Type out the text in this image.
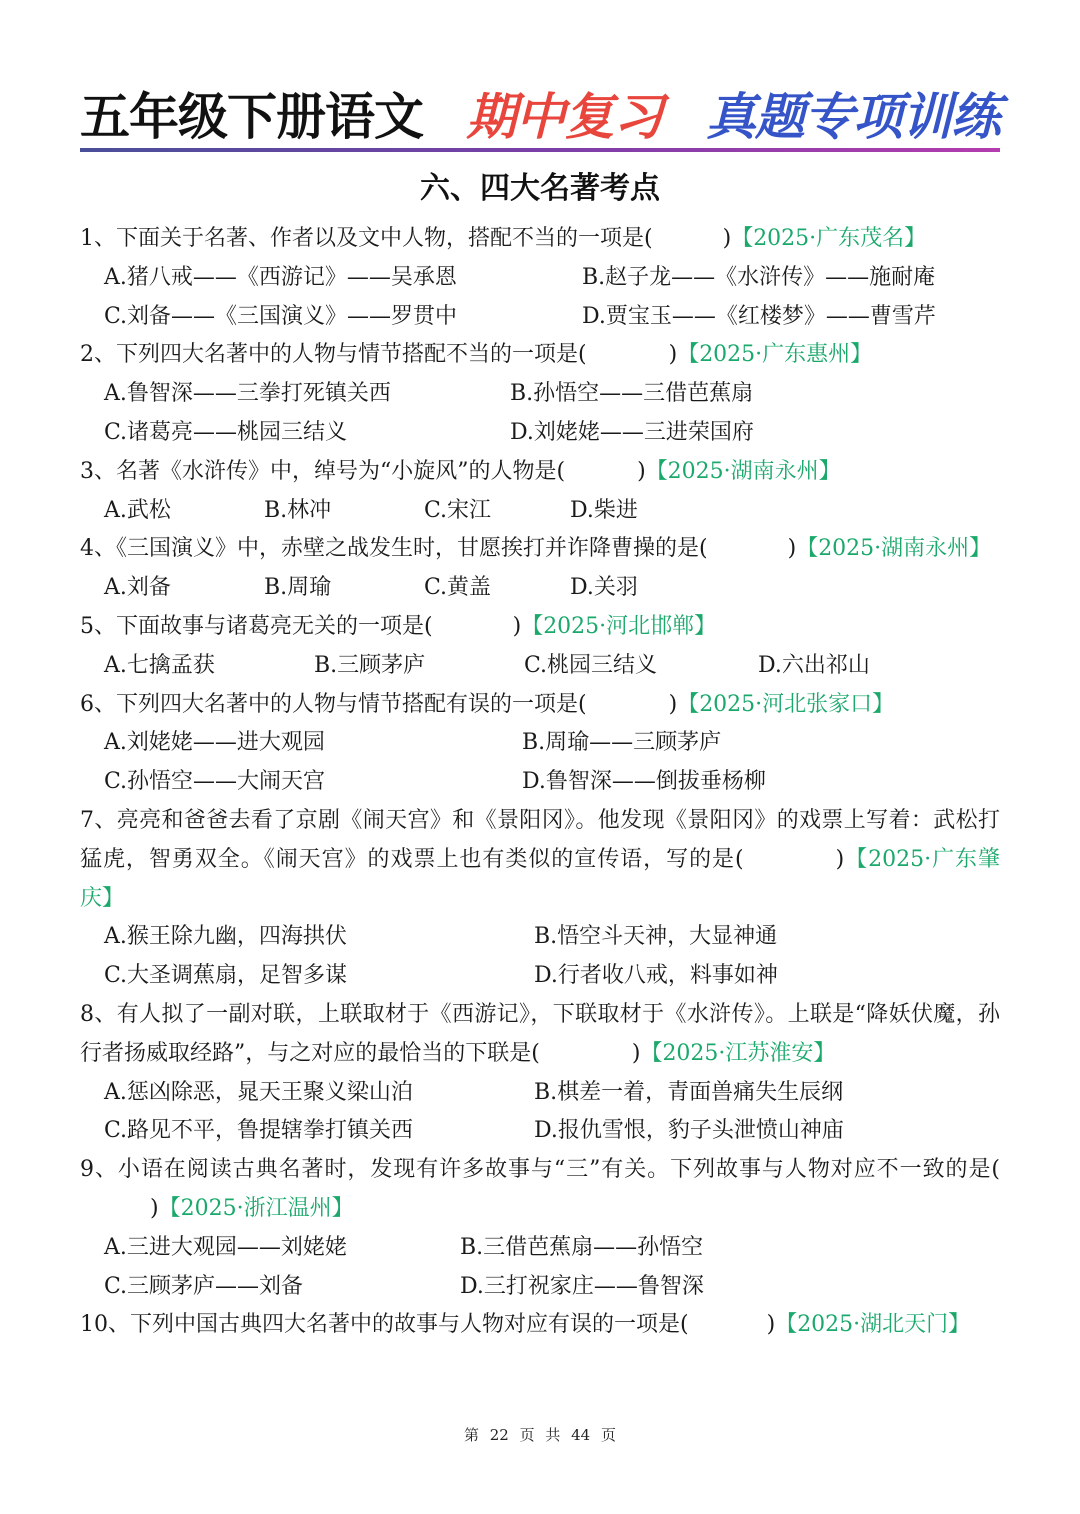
五年级下册语文 期中复习 真题专项训练
六、四大名著考点
1、下面关于名著、作者以及文中人物，搭配不当的一项是(	)【2025·广东茂名】
A.猪八戒——《西游记》——吴承恩	B.赵子龙——《水浒传》——施耐庵
C.刘备——《三国演义》——罗贯中	D.贾宝玉——《红楼梦》——曹雪芹
2、下列四大名著中的人物与情节搭配不当的一项是(	)【2025·广东惠州】
A.鲁智深——三拳打死镇关西	B.孙悟空——三借芭蕉扇
C.诸葛亮——桃园三结义	D.刘姥姥——三进荣国府
3、名著《水浒传》中，绰号为“小旋风”的人物是(	)【2025·湖南永州】
A.武松	B.林冲	C.宋江	D.柴进
4、《三国演义》中，赤壁之战发生时，甘愿挨打并诈降曹操的是(	)【2025·湖南永州】
A.刘备	B.周瑜	C.黄盖	D.关羽
5、下面故事与诸葛亮无关的一项是(	)【2025·河北邯郸】
A.七擒孟获	B.三顾茅庐	C.桃园三结义	D.六出祁山
6、下列四大名著中的人物与情节搭配有误的一项是(	)【2025·河北张家口】
A.刘姥姥——进大观园	B.周瑜——三顾茅庐
C.孙悟空——大闹天宫	D.鲁智深——倒拔垂杨柳
7、亮亮和爸爸去看了京剧《闹天宫》和《景阳冈》。他发现《景阳冈》的戏票上写着：武松打猛虎，智勇双全。《闹天宫》的戏票上也有类似的宣传语，写的是(	)【2025·广东肇庆】
A.猴王除九幽，四海拱伏	B.悟空斗天神，大显神通
C.大圣调蕉扇，足智多谋	D.行者收八戒，料事如神
8、有人拟了一副对联，上联取材于《西游记》，下联取材于《水浒传》。上联是“降妖伏魔，孙行者扬威取经路”，与之对应的最恰当的下联是(	)【2025·江苏淮安】
A.惩凶除恶，晁天王聚义梁山泊	B.棋差一着，青面兽痛失生辰纲
C.路见不平，鲁提辖拳打镇关西	D.报仇雪恨，豹子头泄愤山神庙
9、小语在阅读古典名著时，发现有许多故事与“三”有关。下列故事与人物对应不一致的是()【2025·浙江温州】
A.三进大观园——刘姥姥	B.三借芭蕉扇——孙悟空
C.三顾茅庐——刘备	D.三打祝家庄——鲁智深
10、下列中国古典四大名著中的故事与人物对应有误的一项是(	)【2025·湖北天门】
第 22 页 共 44 页
